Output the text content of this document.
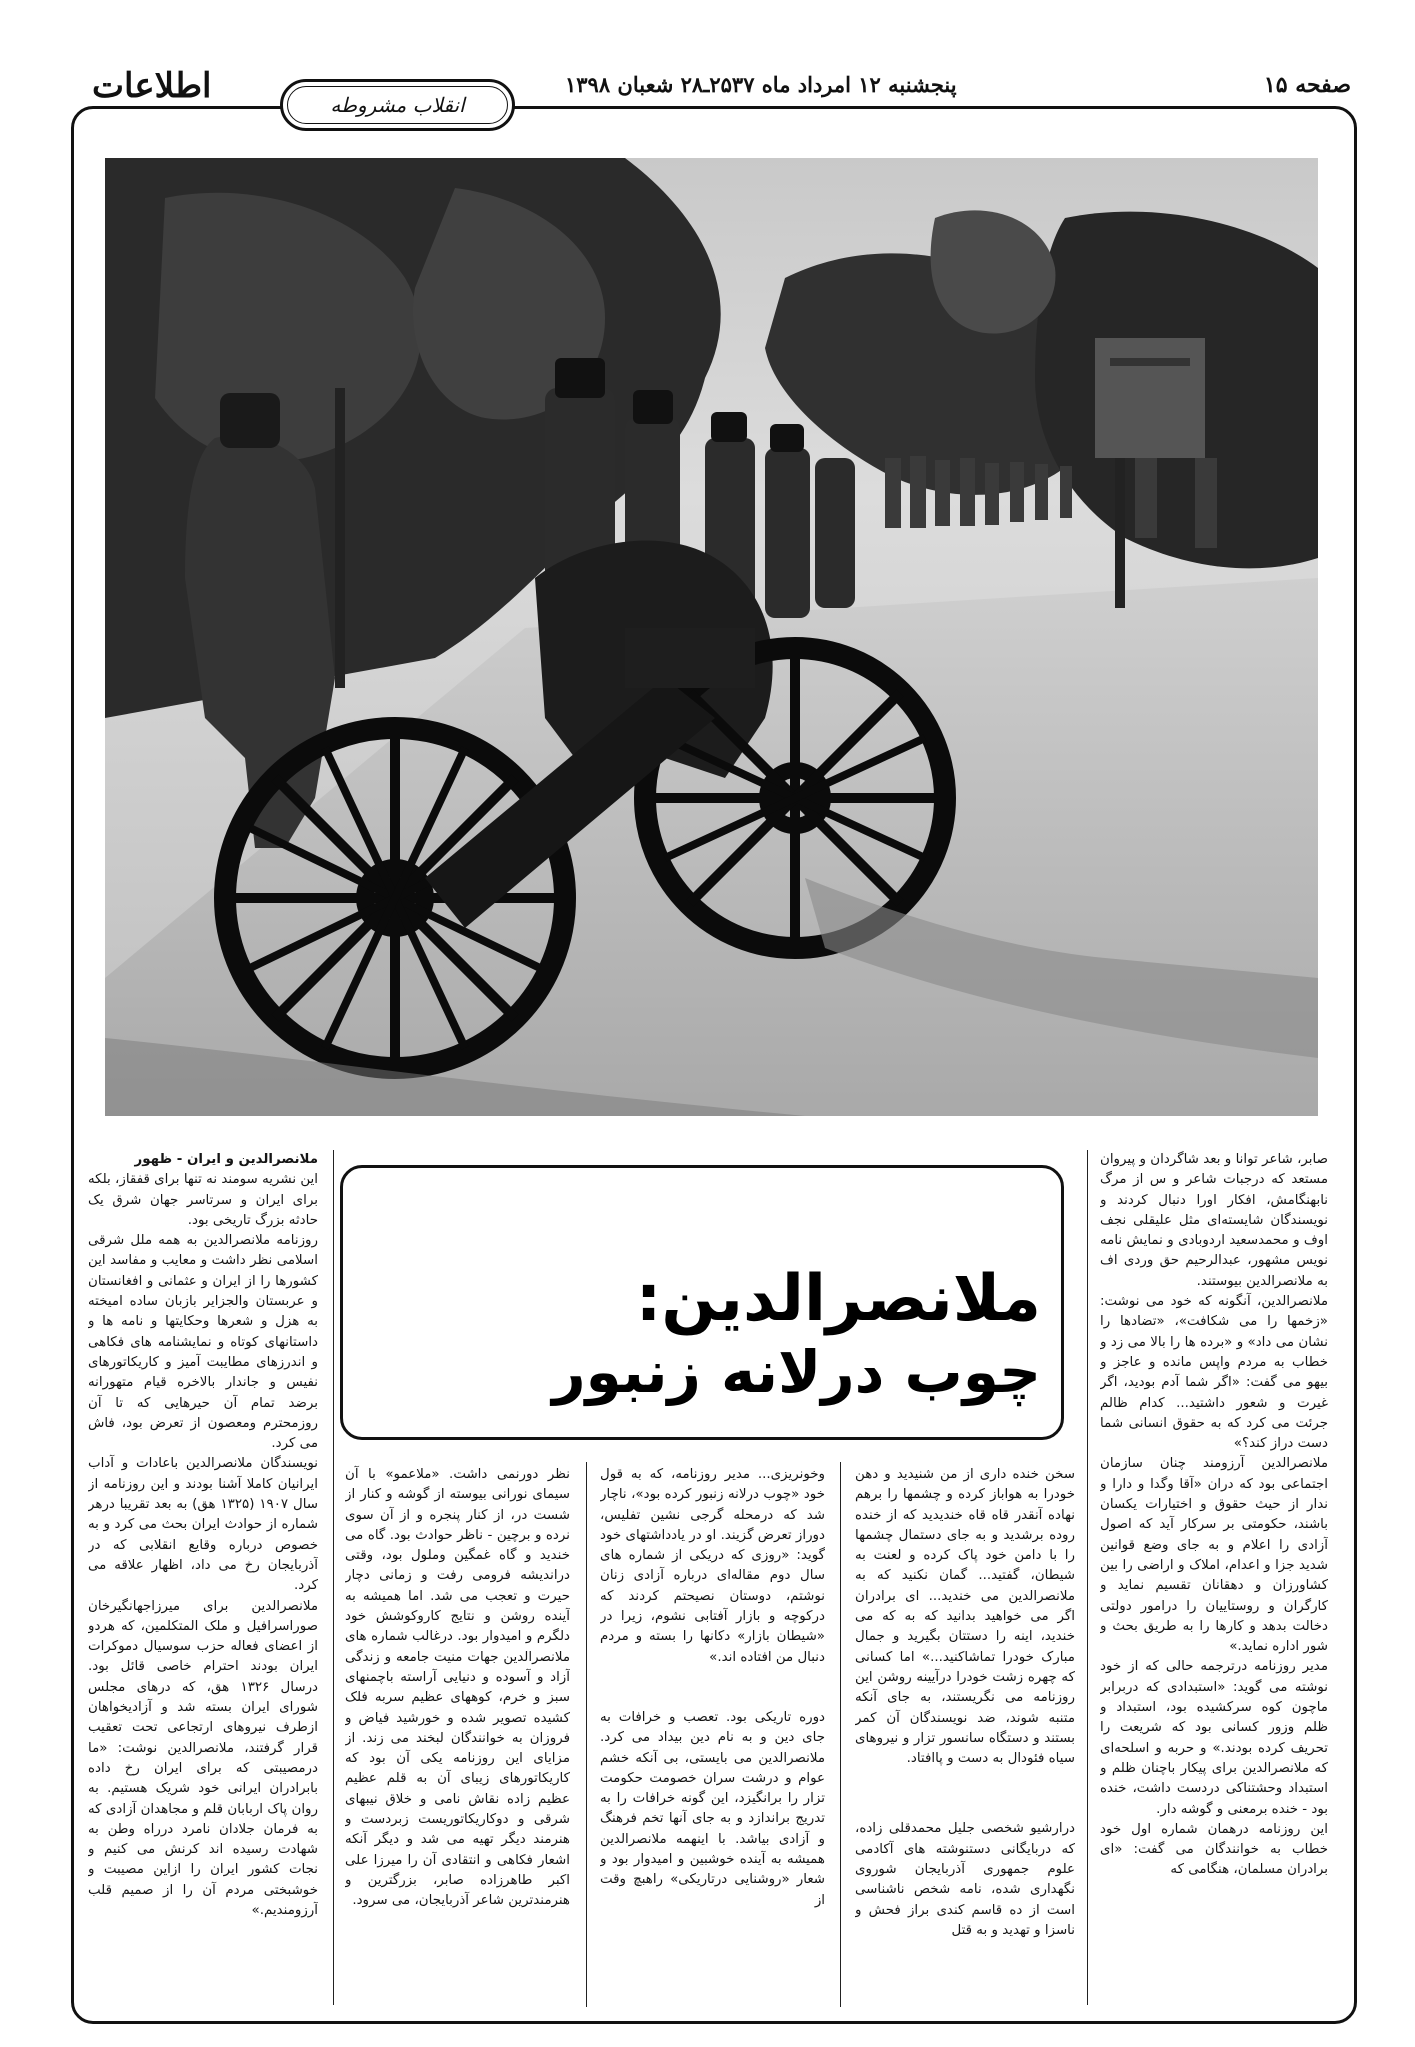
اطلاعات	پنجشنبه ۱۲ امرداد ماه ۲۵۳۷ـ۲۸ شعبان ۱۳۹۸	صفحه ۱۵
انقلاب مشروطه
ملانصرالدین:
چوب درلانه زنبور

صابر، شاعر توانا و بعد شاگردان و پیروان مستعد که درجبات شاعر و س از مرگ نابهنگامش، افکار اورا دنبال کردند و نویسندگان شایسته‌ای مثل علیقلی نجف اوف و محمدسعید اردوبادی و نمایش نامه نویس مشهور، عبدالرحیم حق وردی اف به ملانصرالدین بیوستند.

ملانصرالدین، آنگونه که خود می نوشت: «زخمها را می شکافت»، «تضادها را نشان می داد» و «برده ها را بالا می زد و خطاب به مردم واپس مانده و عاجز و بیهو می گفت: «اگر شما آدم بودید، اگر غیرت و شعور داشتید... کدام ظالم جرئت می کرد که به حقوق انسانی شما دست دراز کند؟»

ملانصرالدین آرزومند چنان سازمان اجتماعی بود که دران «آقا وگدا و دارا و ندار از حیث حقوق و اختیارات یکسان باشند، حکومتی بر سرکار آید که اصول آزادی را اعلام و به جای وضع قوانین شدید جزا و اعدام، املاک و اراضی را بین کشاورزان و دهقانان تقسیم نماید و کارگران و روستاییان را درامور دولتی دخالت بدهد و کارها را به طریق بحث و شور اداره نماید.»

مدیر روزنامه درترجمه حالی که از خود نوشته می گوید: «استبدادی که دربرابر ماچون کوه سرکشیده بود، استبداد و ظلم وزور کسانی بود که شریعت را تحریف کرده بودند.» و حربه و اسلحه‌ای که ملانصرالدین برای پیکار باچنان ظلم و استبداد وحشتناکی دردست داشت، خنده بود - خنده برمعنی و گوشه دار.

این روزنامه درهمان شماره اول خود خطاب به خوانندگان می گفت: «ای برادران مسلمان، هنگامی که

ملانصرالدین و ایران - ظهور

این نشریه سومند نه تنها برای قفقاز، بلکه برای ایران و سرتاسر جهان شرق یک حادثه بزرگ تاریخی بود.

روزنامه ملانصرالدین به همه ملل شرقی اسلامی نظر داشت و معایب و مفاسد این کشورها را از ایران و عثمانی و افغانستان و عربستان والجزایر بازبان ساده امیخته به هزل و شعرها وحکایتها و نامه ها و داستانهای کوتاه و نمایشنامه های فکاهی و اندرزهای مطایبت آمیز و کاریکاتورهای نفیس و جاندار بالاخره قیام متهورانه برضد تمام آن حیرهایی که تا آن روزمحترم ومعصون از تعرض بود، فاش می کرد.

نویسندگان ملانصرالدین باعادات و آداب ایرانیان کاملا آشنا بودند و این روزنامه از سال ۱۹۰۷ (۱۳۲۵ هق) به بعد تقریبا درهر شماره از حوادث ایران بحث می کرد و به خصوص درباره وقایع انقلابی که در آذربایجان رخ می داد، اظهار علاقه می کرد.

ملانصرالدین برای میرزاجهانگیرخان صوراسرافیل و ملک المتکلمین، که هردو از اعضای فعاله حزب سوسیال دموکرات ایران بودند احترام خاصی قائل بود. درسال ۱۳۲۶ هق، که درهای مجلس شورای ایران بسته شد و آزادیخواهان ازطرف نیروهای ارتجاعی تحت تعقیب قرار گرفتند، ملانصرالدین نوشت: «ما درمصیبتی که برای ایران رخ داده بابرادران ایرانی خود شریک هستیم. به روان پاک اربابان قلم و مجاهدان آزادی که به فرمان جلادان نامرد درراه وطن به شهادت رسیده اند کرنش می کنیم و نجات کشور ایران را ازاین مصیبت و خوشبختی مردم آن را از صمیم قلب آرزومندیم.»

سخن خنده داری از من شنیدید و دهن خودرا به هواباز کرده و چشمها را برهم نهاده آنقدر قاه قاه خندیدید که از خنده روده برشدید و به جای دستمال چشمها را با دامن خود پاک کرده و لعنت به شیطان، گفتید... گمان نکنید که به ملانصرالدین می خندید... ای برادران اگر می خواهید بدانید که به که می خندید، اینه را دستتان بگیرید و جمال مبارک خودرا تماشاکنید...» اما کسانی که چهره زشت خودرا درآیینه روشن این روزنامه می نگریستند، به جای آنکه متنبه شوند، ضد نویسندگان آن کمر بستند و دستگاه سانسور تزار و نیروهای سیاه فئودال به دست و پاافتاد.

درارشیو شخصی جلیل محمدقلی زاده، که دربایگانی دستنوشته های آکادمی علوم جمهوری آذربایجان شوروی نگهداری شده، نامه شخص ناشناسی است از ده قاسم کندی براز فحش و ناسزا و تهدید و به قتل

وخونریزی... مدیر روزنامه، که به قول خود «چوب درلانه زنبور کرده بود»، ناچار شد که درمحله گرجی نشین تفلیس، دوراز تعرض گزیند. او در یادداشتهای خود گوید: «روزی که دریکی از شماره های سال دوم مقاله‌ای درباره آزادی زنان نوشتم، دوستان نصیحتم کردند که درکوچه و بازار آفتابی نشوم، زیرا در «شیطان بازار» دکانها را بسته و مردم دنبال من افتاده اند.»

دوره تاریکی بود. تعصب و خرافات به جای دین و به نام دین بیداد می کرد. ملانصرالدین می بایستی، بی آنکه خشم عوام و درشت سران خصومت حکومت تزار را برانگیزد، این گونه خرافات را به تدریج براندازد و به جای آنها تخم فرهنگ و آزادی بیاشد. با اینهمه ملانصرالدین همیشه به آینده خوشبین و امیدوار بود و شعار «روشنایی درتاریکی» راهبچ وقت از

نظر دورنمی داشت. «ملاعمو» با آن سیمای نورانی بیوسته از گوشه و کنار از شست در، از کنار پنجره و از آن سوی نرده و برچین - ناظر حوادث بود. گاه می خندید و گاه غمگین وملول بود، وقتی درانديشه فرومی رفت و زمانی دچار حیرت و تعجب می شد. اما همیشه به آینده روشن و نتایج کاروکوشش خود دلگرم و امیدوار بود. درغالب شماره های ملانصرالدین جهات منیت جامعه و زندگی آزاد و آسوده و دنیایی آراسته باچمنهای سبز و خرم، کوههای عظیم سربه فلک کشیده تصویر شده و خورشید فیاض و فروزان به خوانندگان لبخند می زند. از مزایای این روزنامه یکی آن بود که کاریکاتورهای زیبای آن به قلم عظیم عظیم زاده نقاش نامی و خلاق نیبهای شرقی و دوکاریکاتوریست زبردست و هنرمند دیگر تهیه می شد و دیگر آنکه اشعار فکاهی و انتقادی آن را میرزا علی اکبر طاهرزاده صابر، بزرگترین و هنرمندترین شاعر آذربایجان، می سرود.
